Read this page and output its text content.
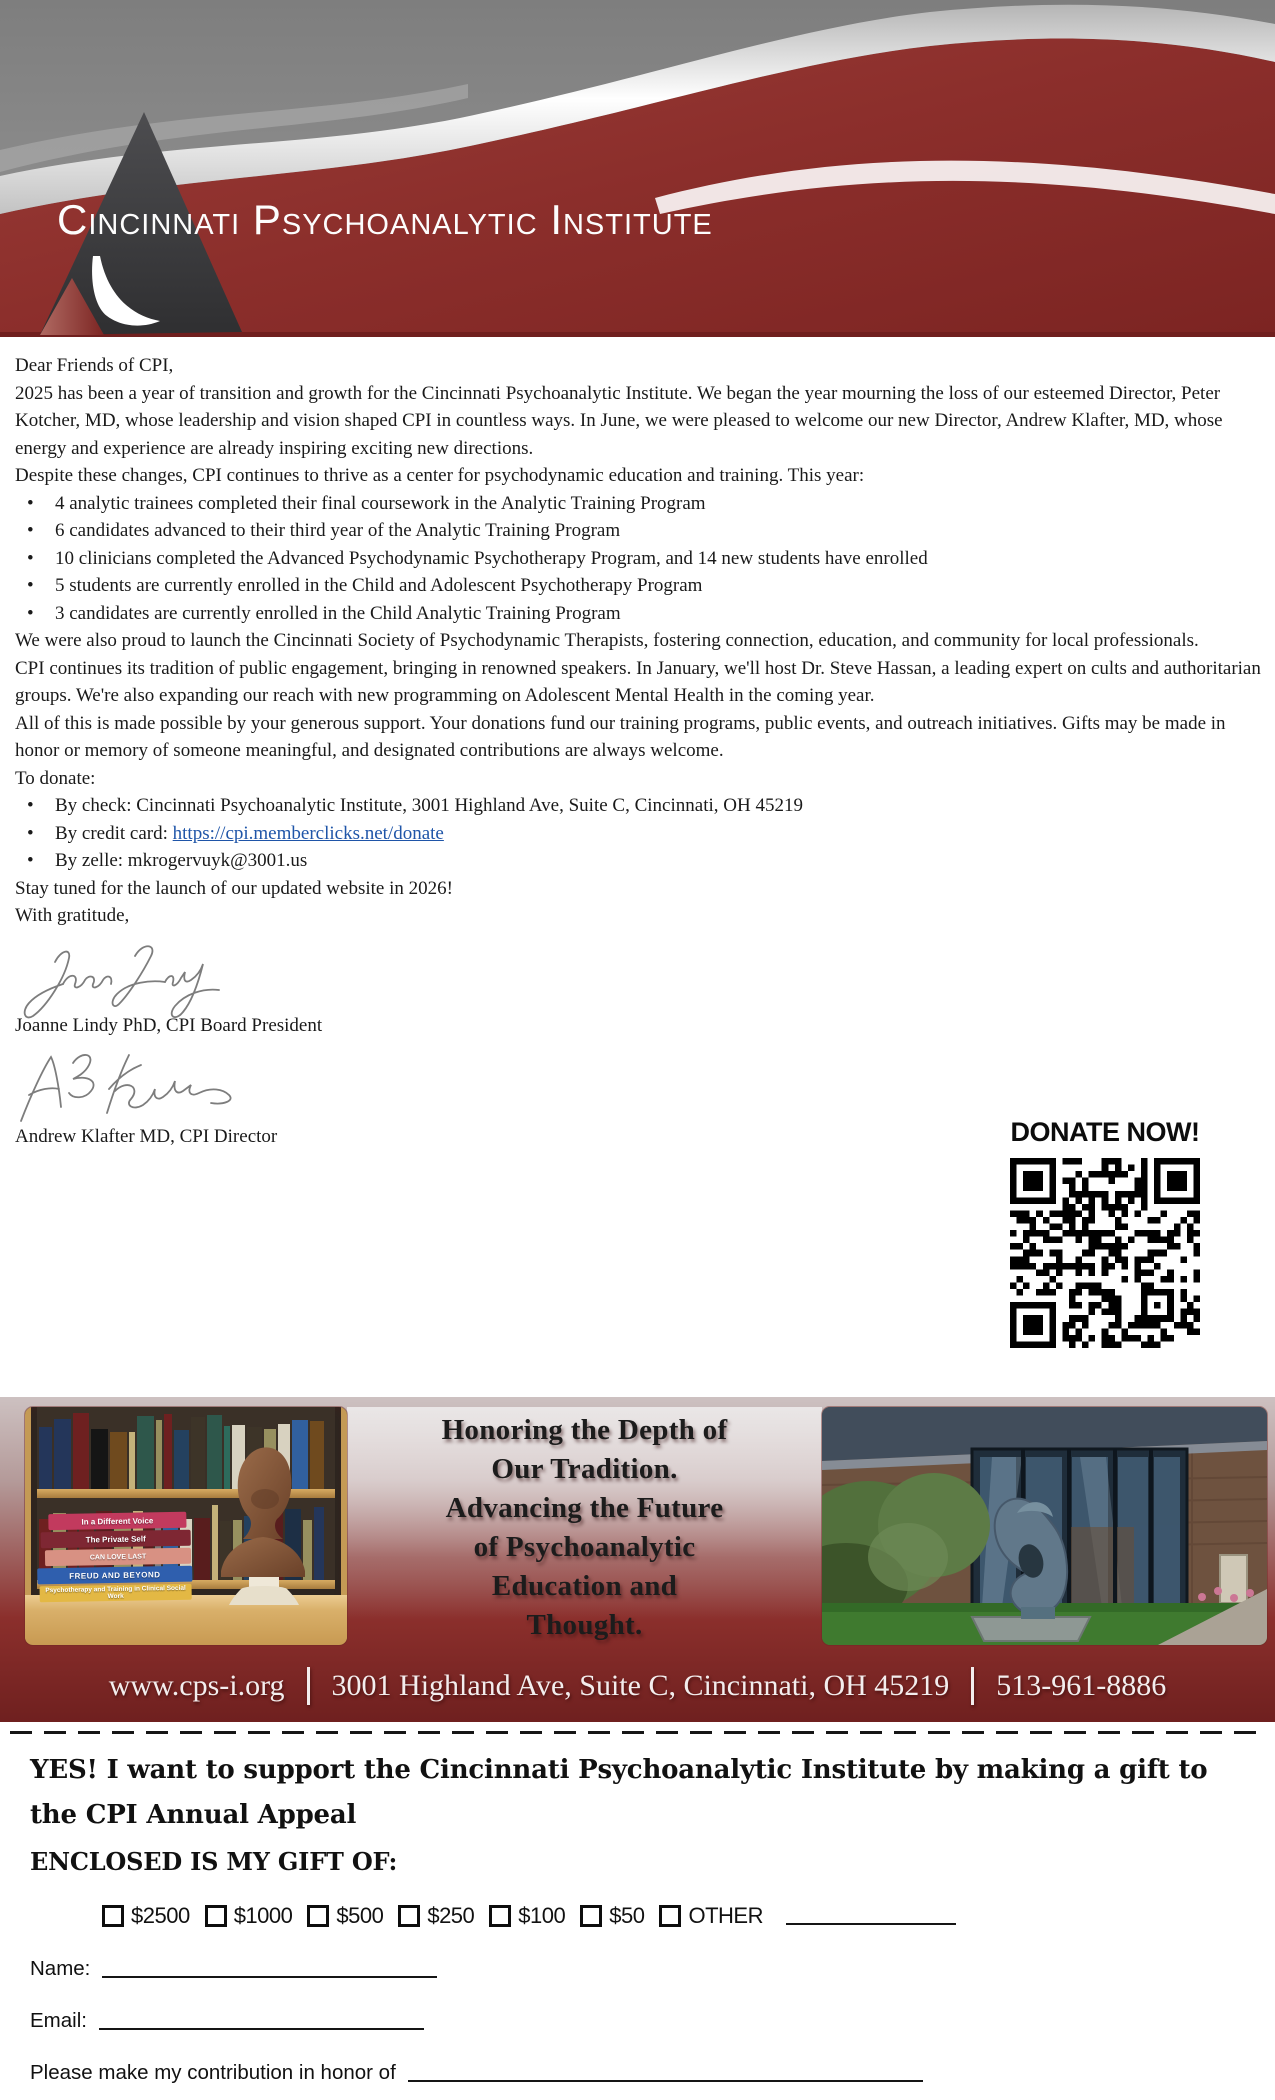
Cincinnati Psychoanalytic Institute

Dear Friends of CPI,

2025 has been a year of transition and growth for the Cincinnati Psychoanalytic Institute. We began the year mourning the loss of our esteemed Director, Peter Kotcher, MD, whose leadership and vision shaped CPI in countless ways. In June, we were pleased to welcome our new Director, Andrew Klafter, MD, whose energy and experience are already inspiring exciting new directions.

Despite these changes, CPI continues to thrive as a center for psychodynamic education and training. This year:

• 4 analytic trainees completed their final coursework in the Analytic Training Program
• 6 candidates advanced to their third year of the Analytic Training Program
• 10 clinicians completed the Advanced Psychodynamic Psychotherapy Program, and 14 new students have enrolled
• 5 students are currently enrolled in the Child and Adolescent Psychotherapy Program
• 3 candidates are currently enrolled in the Child Analytic Training Program

We were also proud to launch the Cincinnati Society of Psychodynamic Therapists, fostering connection, education, and community for local professionals.

CPI continues its tradition of public engagement, bringing in renowned speakers. In January, we'll host Dr. Steve Hassan, a leading expert on cults and authoritarian groups. We're also expanding our reach with new programming on Adolescent Mental Health in the coming year.

All of this is made possible by your generous support. Your donations fund our training programs, public events, and outreach initiatives. Gifts may be made in honor or memory of someone meaningful, and designated contributions are always welcome.

To donate:

• By check: Cincinnati Psychoanalytic Institute, 3001 Highland Ave, Suite C, Cincinnati, OH 45219
• By credit card: https://cpi.memberclicks.net/donate
• By zelle: mkrogervuyk@3001.us

Stay tuned for the launch of our updated website in 2026!

With gratitude,

Joanne Lindy PhD, CPI Board President

Andrew Klafter MD, CPI Director	DONATE NOW!
In a Different Voice
The Private Self
CAN LOVE LAST
FREUD AND BEYOND
Psychotherapy and Training in Clinical Social Work
Honoring the Depth of
Our Tradition.
Advancing the Future
of Psychoanalytic
Education and
Thought.
www.cps-i.org 3001 Highland Ave, Suite C, Cincinnati, OH 45219 513-961-8886
YES! I want to support the Cincinnati Psychoanalytic Institute by making a gift to
the CPI Annual Appeal
ENCLOSED IS MY GIFT OF:
$2500 $1000 $500 $250 $100 $50 OTHER
Name:
Email:
Please make my contribution in honor of
